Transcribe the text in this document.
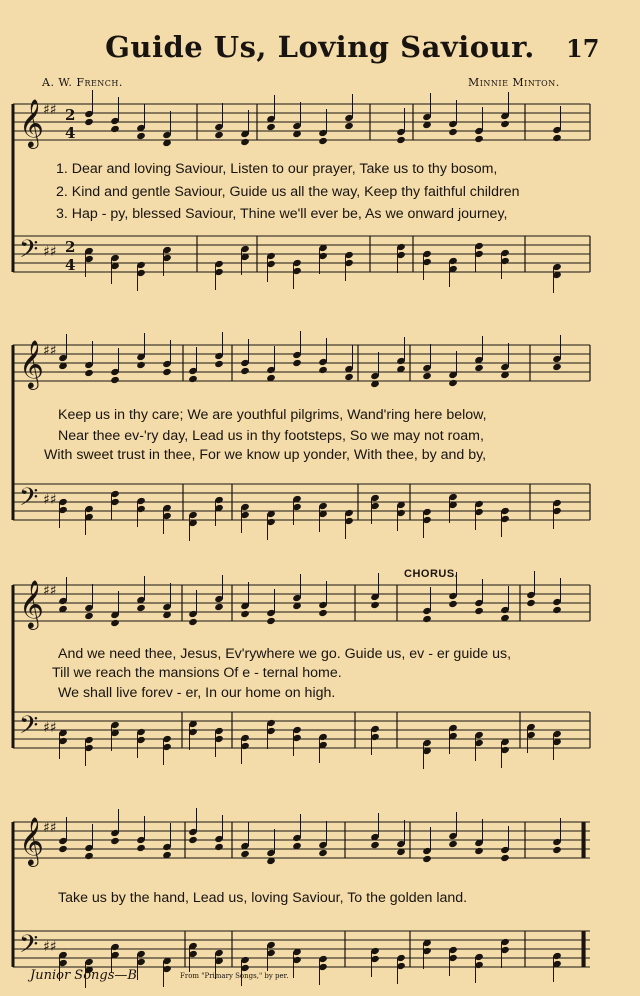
Guide Us, Loving Saviour.	17
A. W. French.	Minnie Minton.
𝄞 ♯♯ 2
4
𝄢 ♯♯ 2
4
𝄞 ♯♯
𝄢 ♯♯
𝄞 ♯♯
𝄢 ♯♯
𝄞 ♯♯
𝄢 ♯♯
1. Dear and loving Saviour, Listen to our prayer, Take us to thy bosom,
2. Kind and gentle Saviour, Guide us all the way, Keep thy faithful children
3. Hap - py, blessed Saviour, Thine we'll ever be, As we onward journey,
Keep us in thy care; We are youthful pilgrims, Wand'ring here below,
Near thee ev-'ry day, Lead us in thy footsteps, So we may not roam,
With sweet trust in thee, For we know up yonder, With thee, by and by,
CHORUS.
And we need thee, Jesus, Ev'rywhere we go. Guide us, ev - er guide us,
Till we reach the mansions Of e - ternal home.
We shall live forev - er, In our home on high.
Take us by the hand, Lead us, loving Saviour, To the golden land.
Junior Songs—B	From "Primary Songs," by per.
